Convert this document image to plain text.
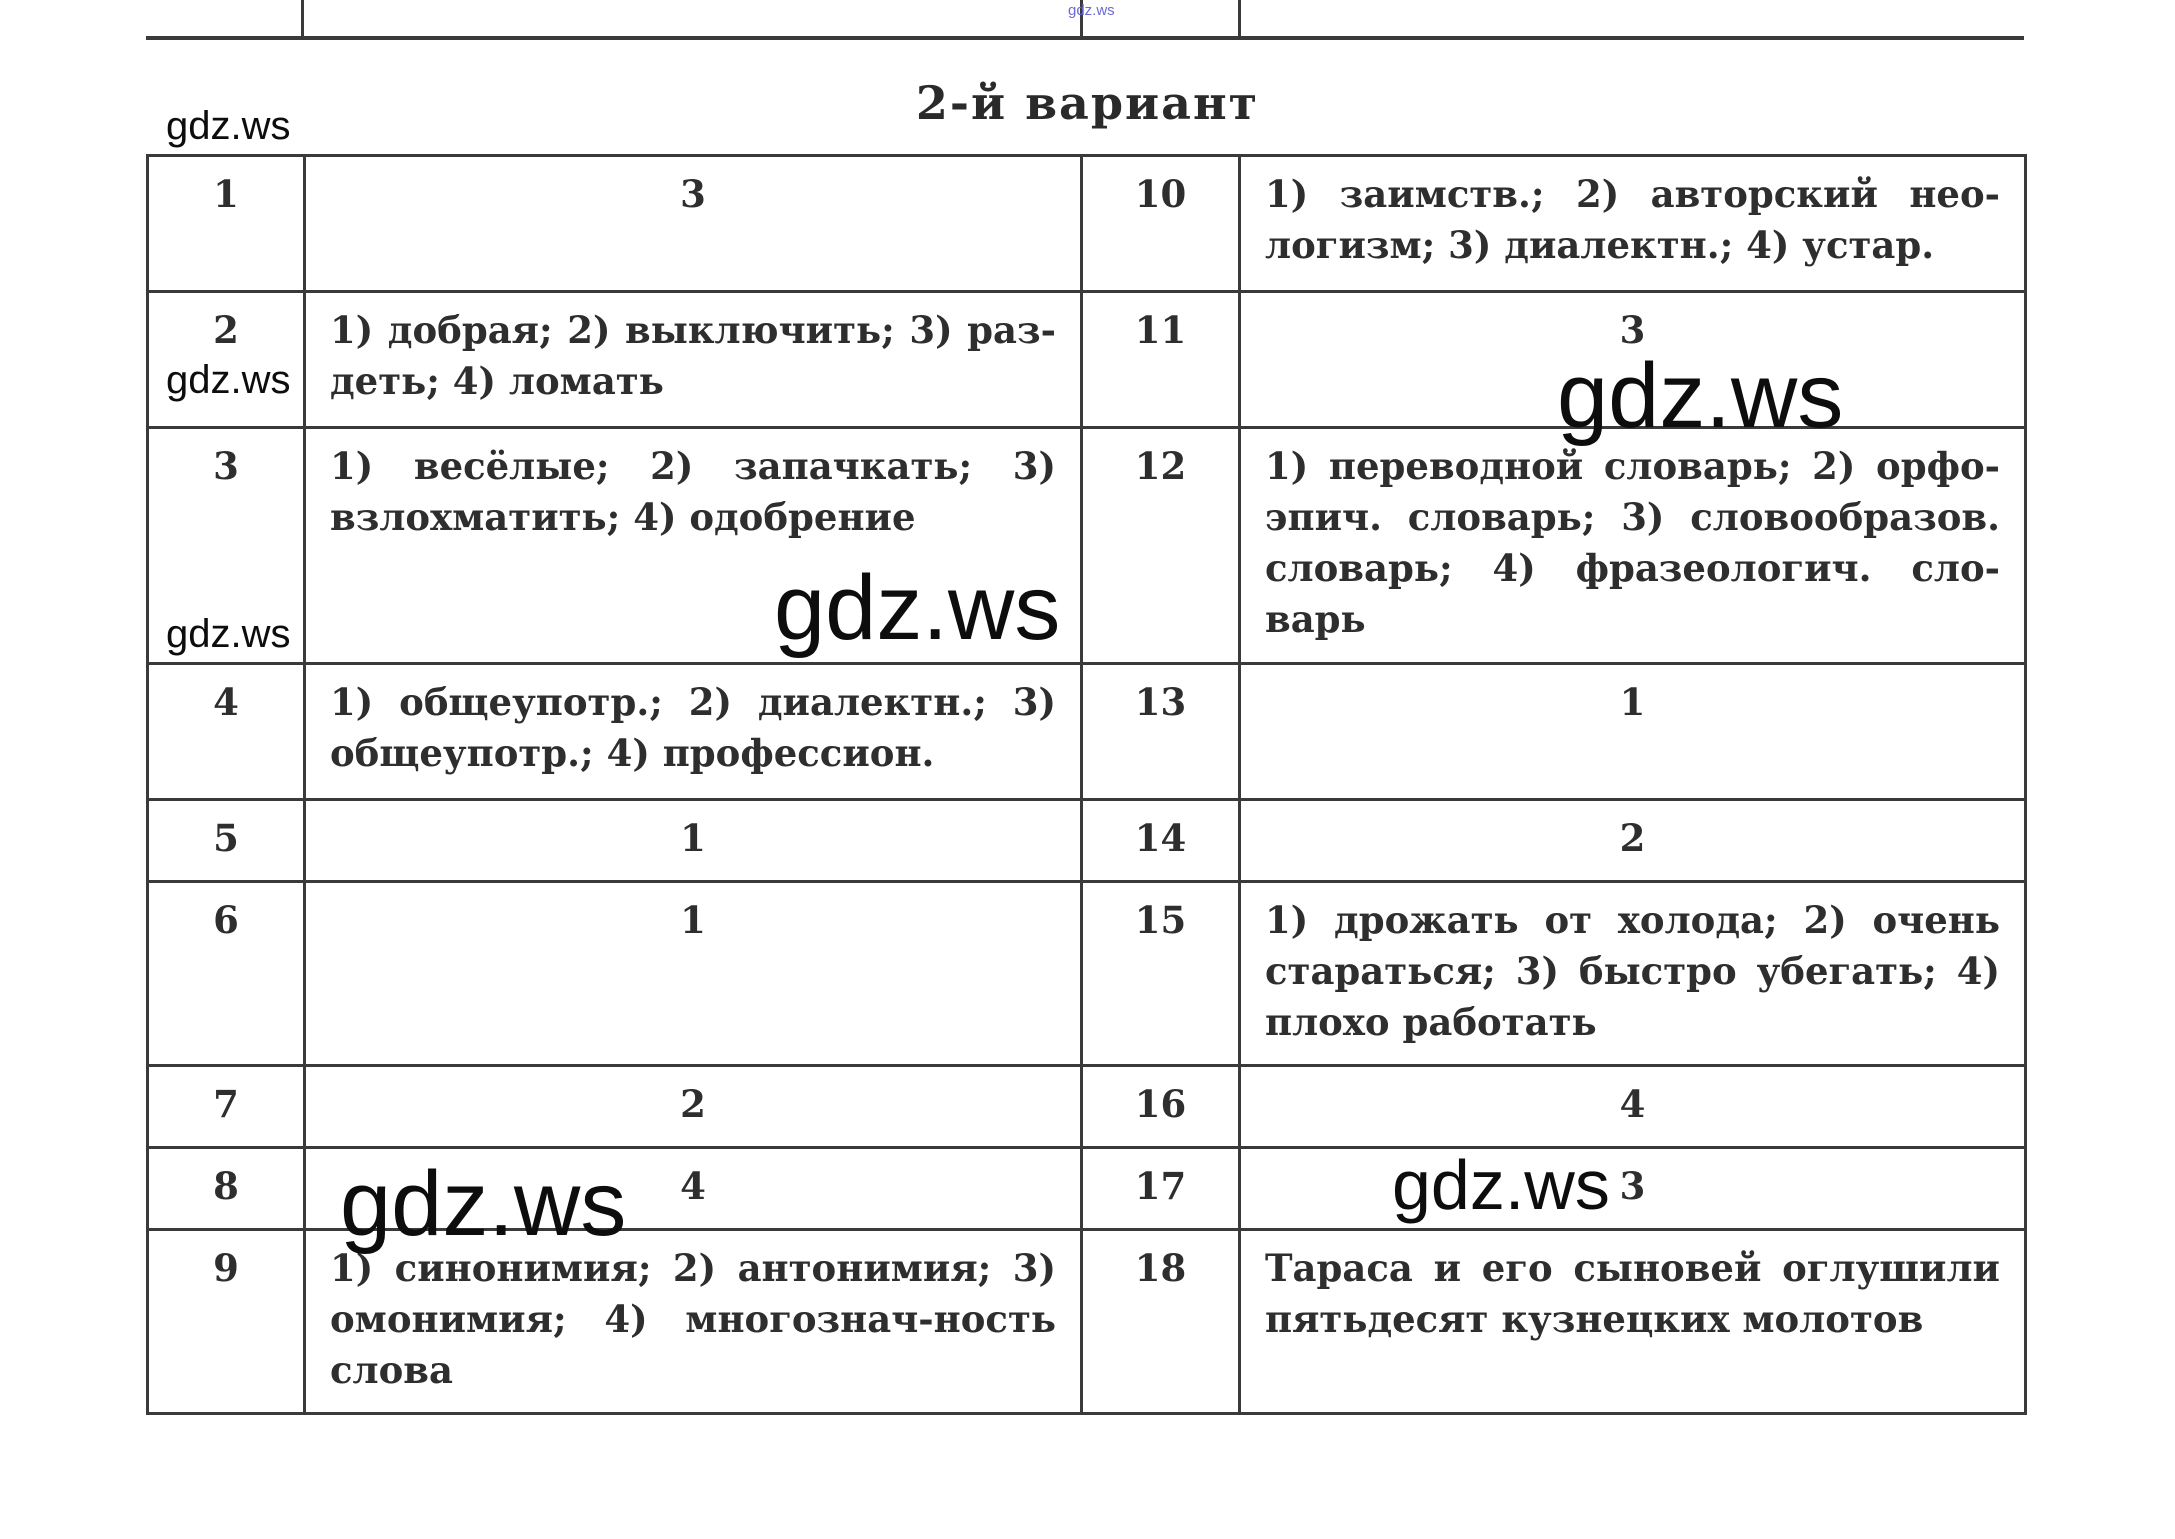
gdz.ws
2-й вариант
1	3	10	1) заимств.; 2) авторский нео-логизм; 3) диалектн.; 4) устар.
2	1) добрая; 2) выключить; 3) раз-деть; 4) ломать	11	3
3	1) весёлые; 2) запачкать; 3) взлохматить; 4) одобрение	12	1) переводной словарь; 2) орфо-эпич. словарь; 3) словообразов. словарь; 4) фразеологич. сло-варь
4	1) общеупотр.; 2) диалектн.; 3) общеупотр.; 4) профессион.	13	1
5	1	14	2
6	1	15	1) дрожать от холода; 2) очень стараться; 3) быстро убегать; 4) плохо работать
7	2	16	4
8	4	17	3
9	1) синонимия; 2) антонимия; 3) омонимия; 4) многознач-ность слова	18	Тараса и его сыновей оглушили пятьдесят кузнецких молотов
gdz.ws
gdz.ws
gdz.ws
gdz.ws
gdz.ws
gdz.ws	gdz.ws
